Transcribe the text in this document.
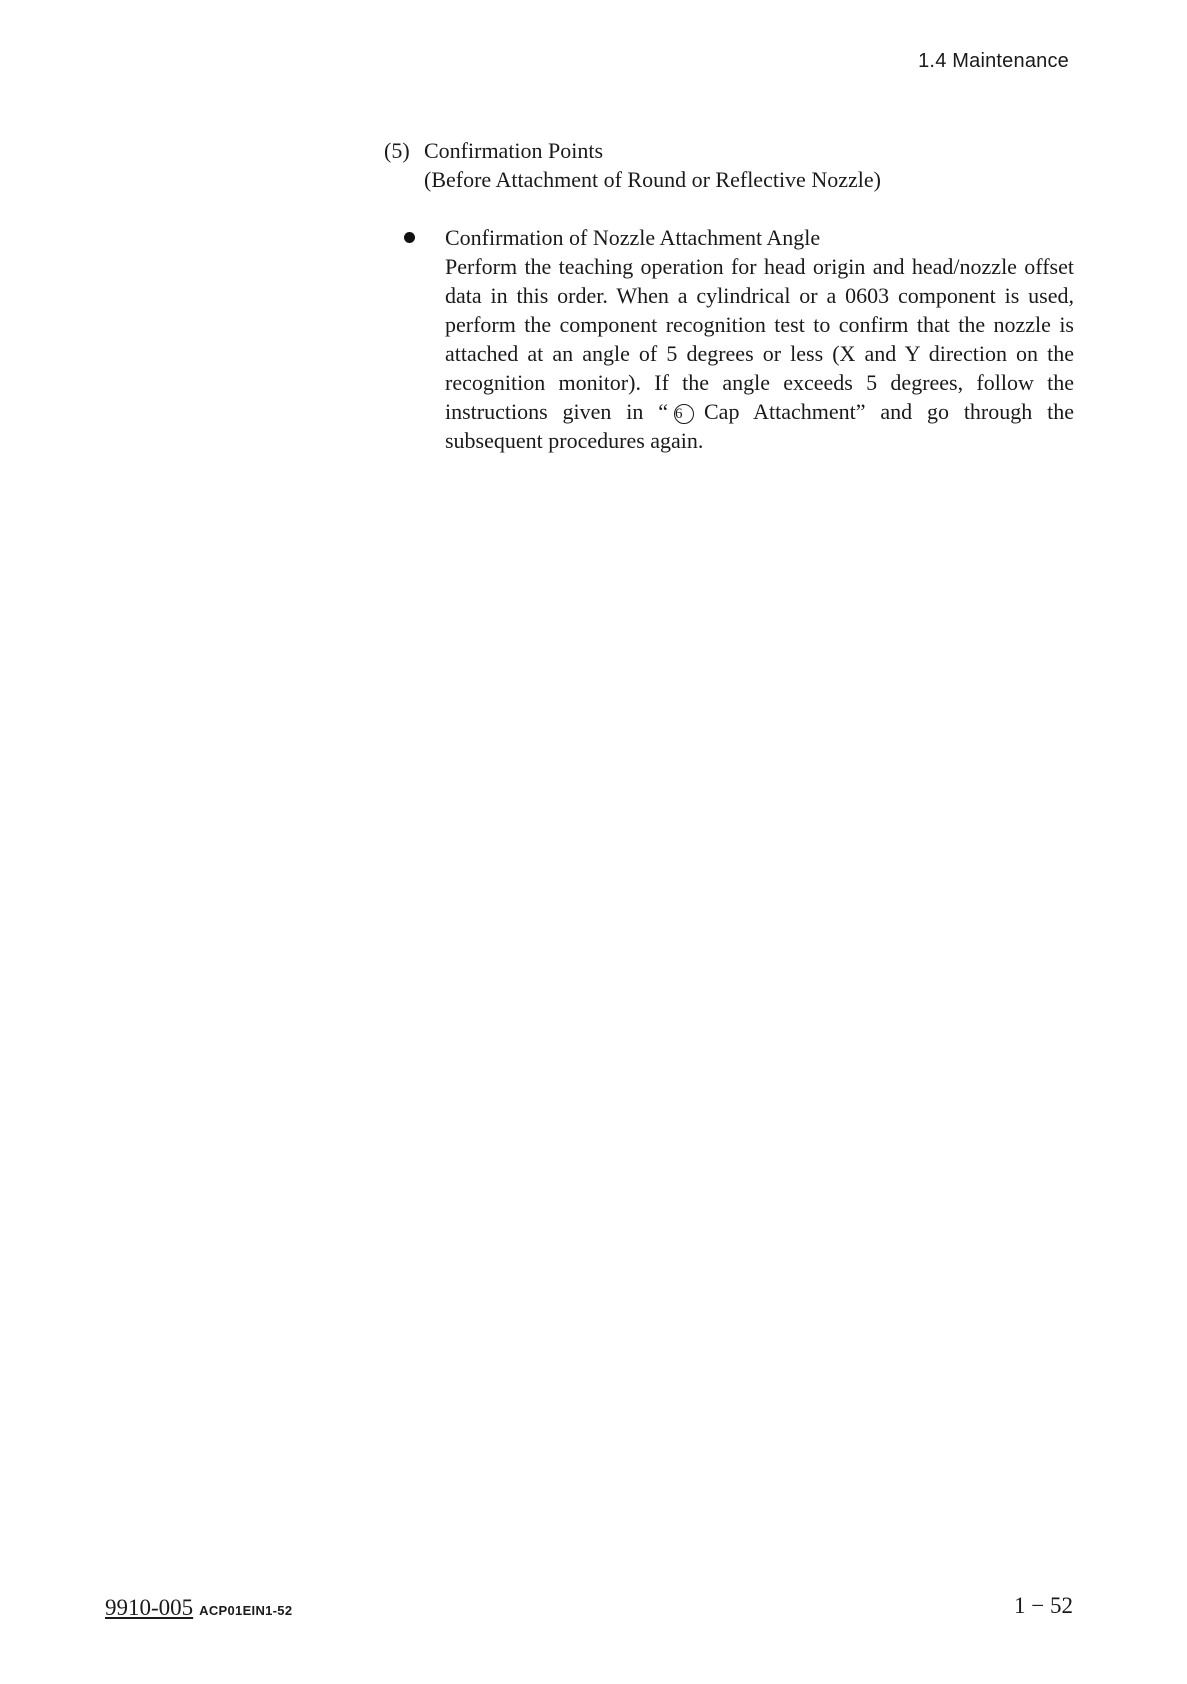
1.4 Maintenance
(5) Confirmation Points
(Before Attachment of Round or Reflective Nozzle)
Confirmation of Nozzle Attachment Angle
Perform the teaching operation for head origin and head/nozzle offset data in this order. When a cylindrical or a 0603 component is used, perform the component recognition test to confirm that the nozzle is attached at an angle of 5 degrees or less (X and Y direction on the recognition monitor). If the angle exceeds 5 degrees, follow the instructions given in “ 6 Cap Attachment” and go through the subsequent procedures again.
9910-005 ACP01EIN1-52	1 − 52
